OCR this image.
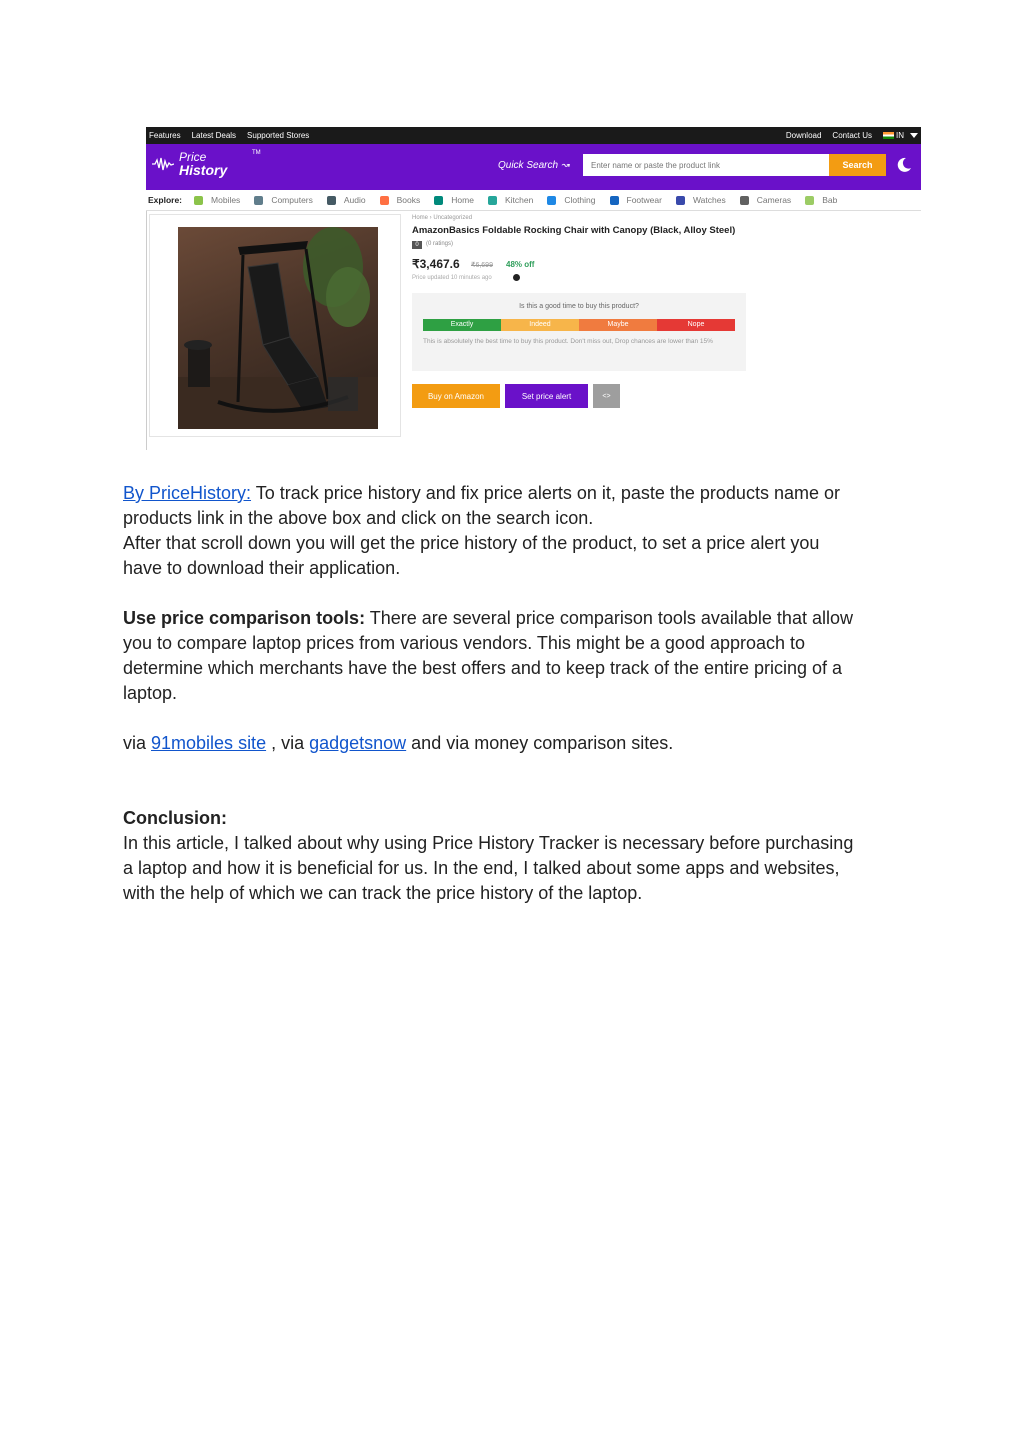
Features Latest Deals Supported Stores	Download Contact Us	IN
Price
History
TM
Quick Search ↝
Enter name or paste the product link	Search
Explore:	Mobiles	Computers	Audio	Books	Home	Kitchen	Clothing	Footwear	Watches	Cameras	Bab
Home › Uncategorized
AmazonBasics Foldable Rocking Chair with Canopy (Black, Alloy Steel)
0	(0 ratings)
₹3,467.6 ₹6,699 48% off
Price updated 10 minutes ago
Is this a good time to buy this product?
Exactly	Indeed	Maybe	Nope
This is absolutely the best time to buy this product. Don't miss out, Drop chances are lower than 15%
Buy on Amazon	Set price alert	<>

By PriceHistory: To track price history and fix price alerts on it, paste the products name or

products link in the above box and click on the search icon.

After that scroll down you will get the price history of the product, to set a price alert you

have to download their application.

Use price comparison tools: There are several price comparison tools available that allow

you to compare laptop prices from various vendors. This might be a good approach to

determine which merchants have the best offers and to keep track of the entire pricing of a

laptop.

via 91mobiles site , via gadgetsnow and via money comparison sites.

Conclusion:

In this article, I talked about why using Price History Tracker is necessary before purchasing

a laptop and how it is beneficial for us. In the end, I talked about some apps and websites,

with the help of which we can track the price history of the laptop.
